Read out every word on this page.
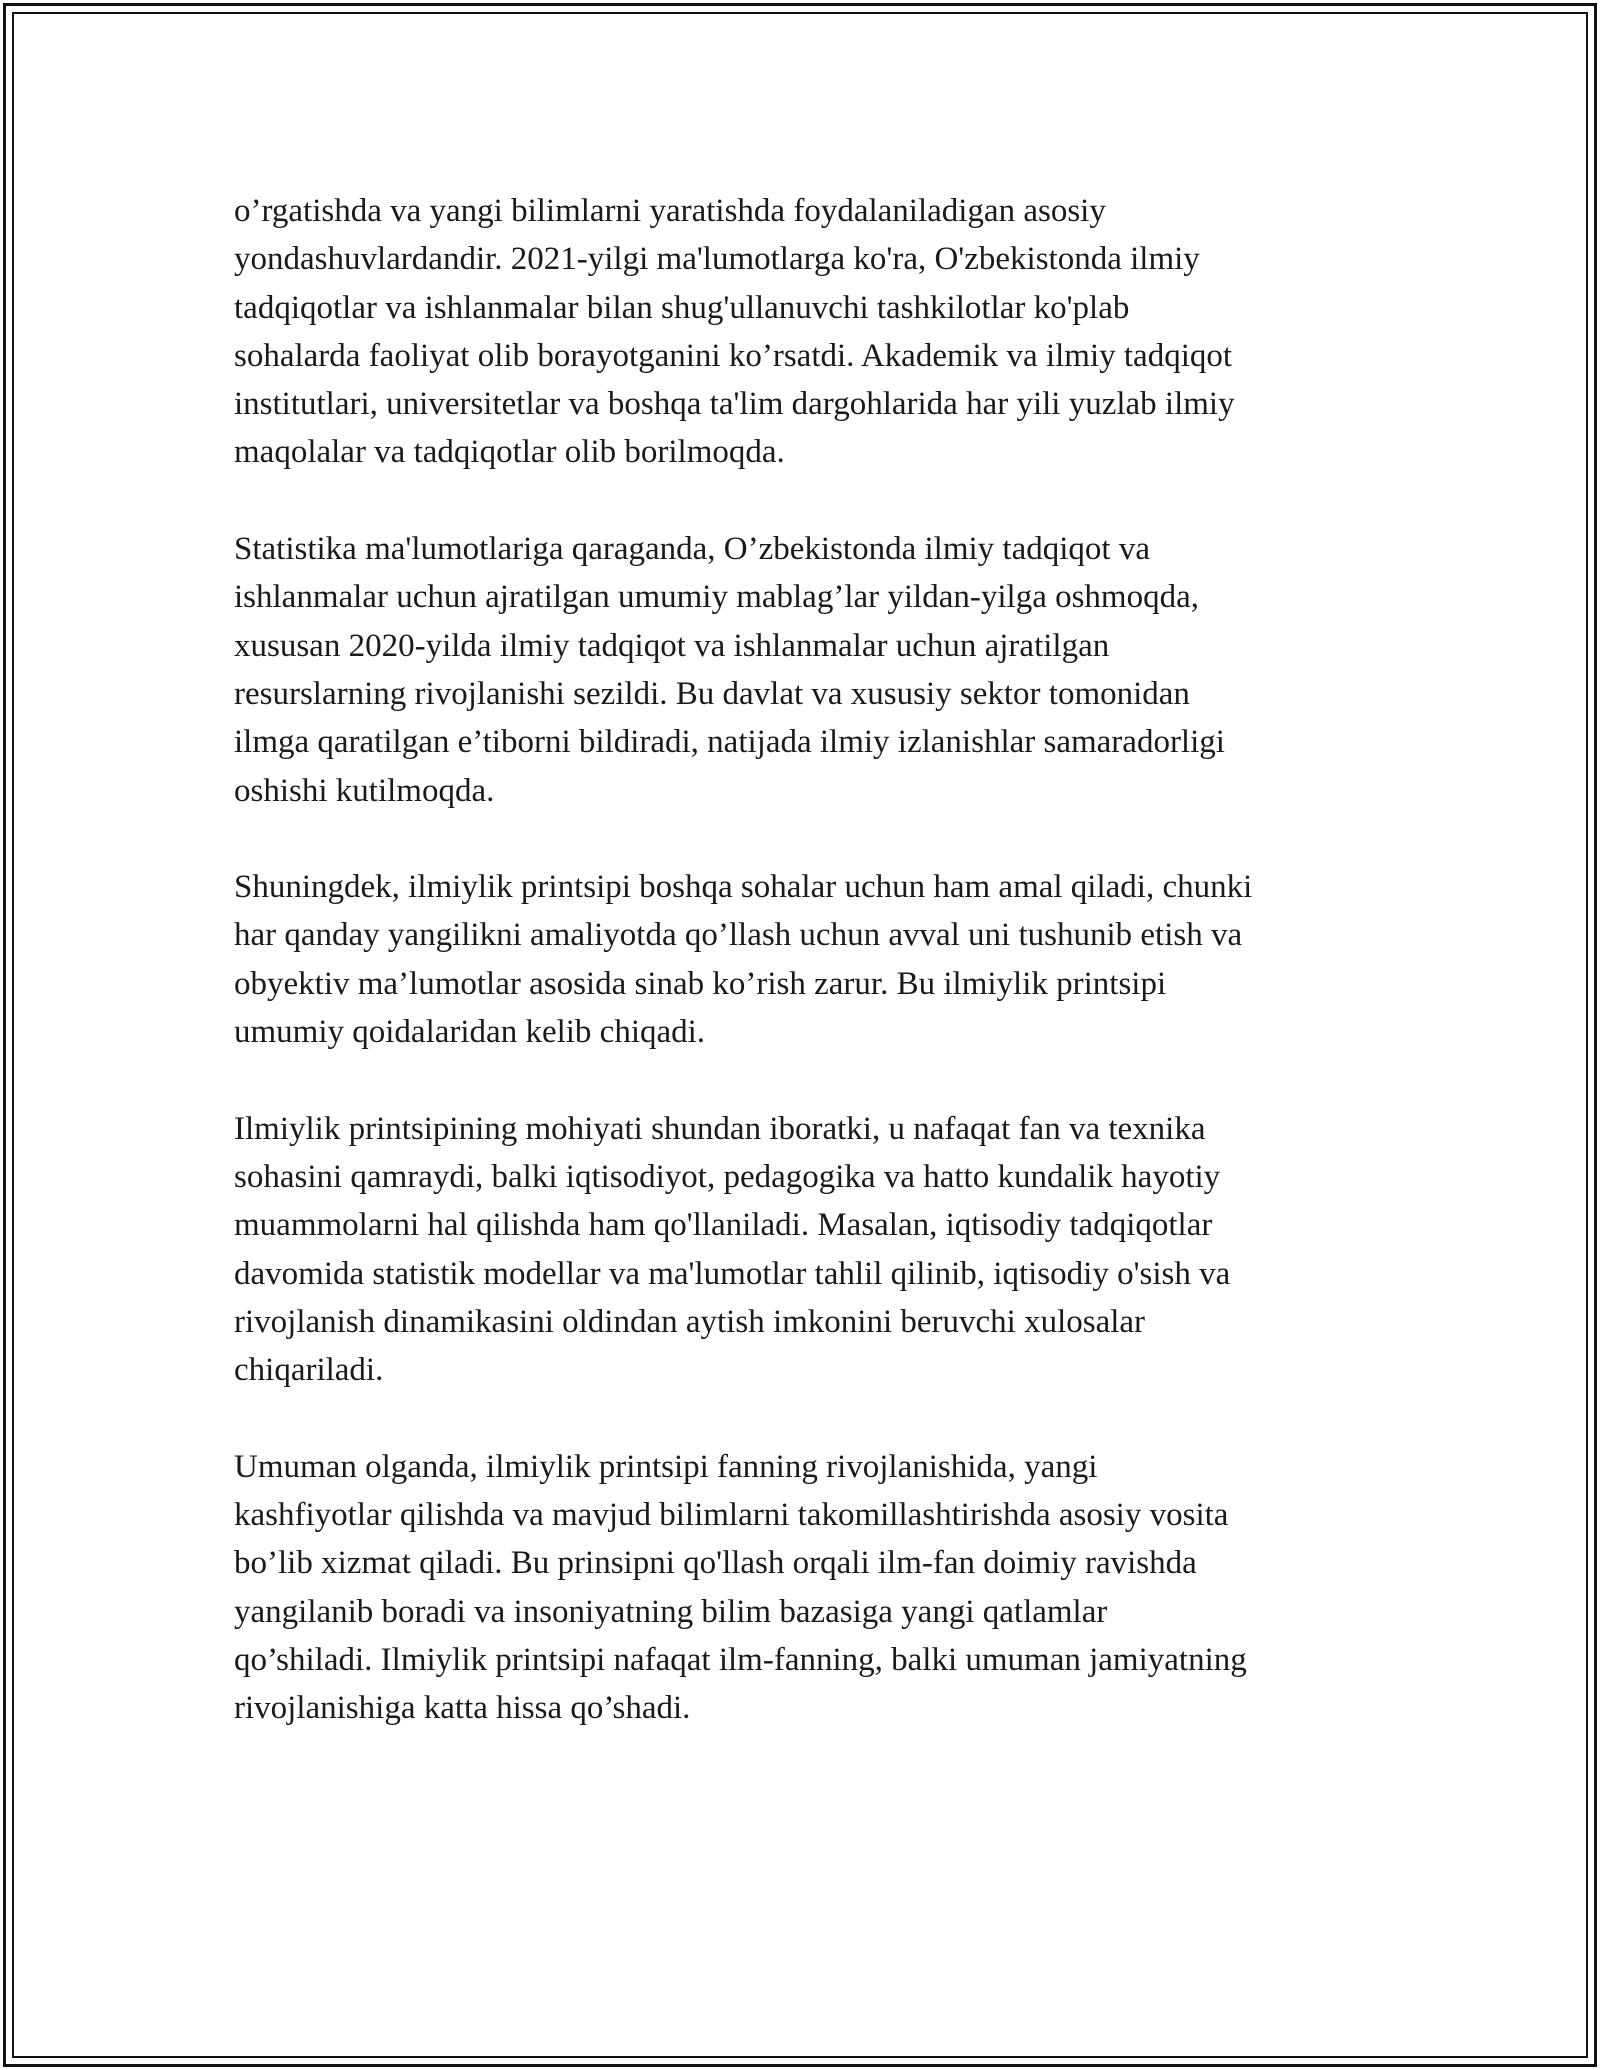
o’rgatishda va yangi bilimlarni yaratishda foydalaniladigan asosiy
yondashuvlardandir. 2021-yilgi ma'lumotlarga ko'ra, O'zbekistonda ilmiy
tadqiqotlar va ishlanmalar bilan shug'ullanuvchi tashkilotlar ko'plab
sohalarda faoliyat olib borayotganini ko’rsatdi. Akademik va ilmiy tadqiqot
institutlari, universitetlar va boshqa ta'lim dargohlarida har yili yuzlab ilmiy
maqolalar va tadqiqotlar olib borilmoqda.

Statistika ma'lumotlariga qaraganda, O’zbekistonda ilmiy tadqiqot va
ishlanmalar uchun ajratilgan umumiy mablag’lar yildan-yilga oshmoqda,
xususan 2020-yilda ilmiy tadqiqot va ishlanmalar uchun ajratilgan
resurslarning rivojlanishi sezildi. Bu davlat va xususiy sektor tomonidan
ilmga qaratilgan e’tiborni bildiradi, natijada ilmiy izlanishlar samaradorligi
oshishi kutilmoqda.

Shuningdek, ilmiylik printsipi boshqa sohalar uchun ham amal qiladi, chunki
har qanday yangilikni amaliyotda qo’llash uchun avval uni tushunib etish va
obyektiv ma’lumotlar asosida sinab ko’rish zarur. Bu ilmiylik printsipi
umumiy qoidalaridan kelib chiqadi.

Ilmiylik printsipining mohiyati shundan iboratki, u nafaqat fan va texnika
sohasini qamraydi, balki iqtisodiyot, pedagogika va hatto kundalik hayotiy
muammolarni hal qilishda ham qo'llaniladi. Masalan, iqtisodiy tadqiqotlar
davomida statistik modellar va ma'lumotlar tahlil qilinib, iqtisodiy o'sish va
rivojlanish dinamikasini oldindan aytish imkonini beruvchi xulosalar
chiqariladi.

Umuman olganda, ilmiylik printsipi fanning rivojlanishida, yangi
kashfiyotlar qilishda va mavjud bilimlarni takomillashtirishda asosiy vosita
bo’lib xizmat qiladi. Bu prinsipni qo'llash orqali ilm-fan doimiy ravishda
yangilanib boradi va insoniyatning bilim bazasiga yangi qatlamlar
qo’shiladi. Ilmiylik printsipi nafaqat ilm-fanning, balki umuman jamiyatning
rivojlanishiga katta hissa qo’shadi.
